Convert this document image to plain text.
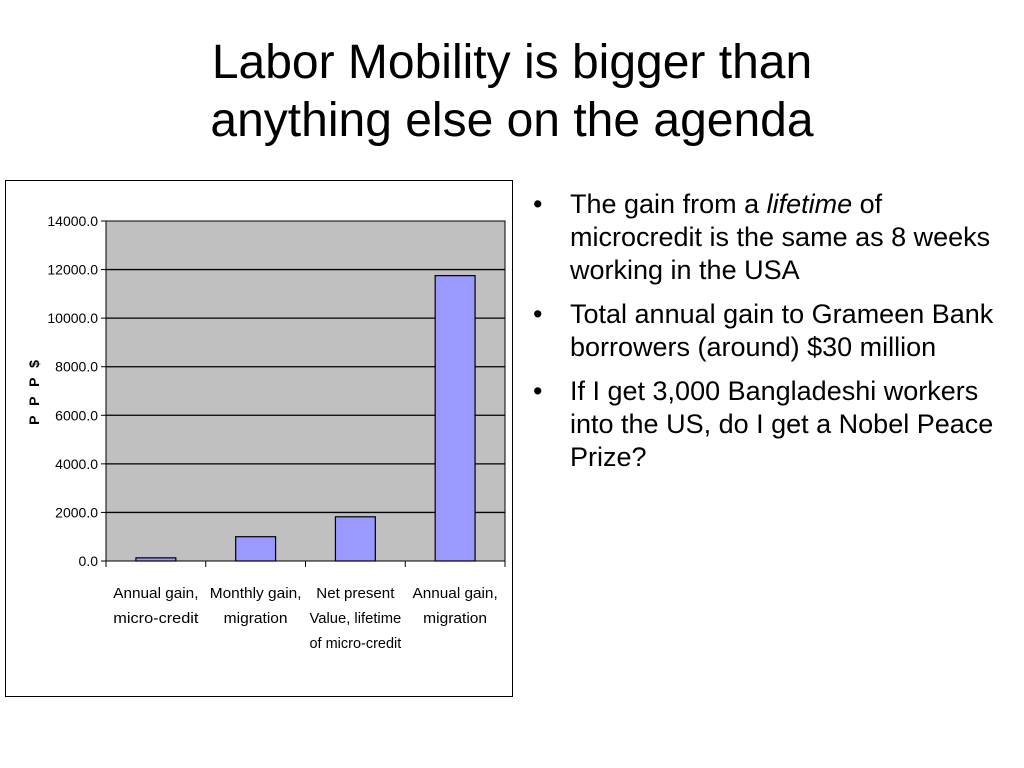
Labor Mobility is bigger than
anything else on the agenda
0.0
2000.0
4000.0
6000.0
8000.0
10000.0
12000.0
14000.0
Annual gain, micro-credit
Monthly gain, migration
Net present Value, lifetime of micro-credit
Annual gain, migration
P P P $
• The gain from a lifetime of microcredit is the same as 8 weeks working in the USA
• Total annual gain to Grameen Bank borrowers (around) $30 million
• If I get 3,000 Bangladeshi workers into the US, do I get a Nobel Peace Prize?
